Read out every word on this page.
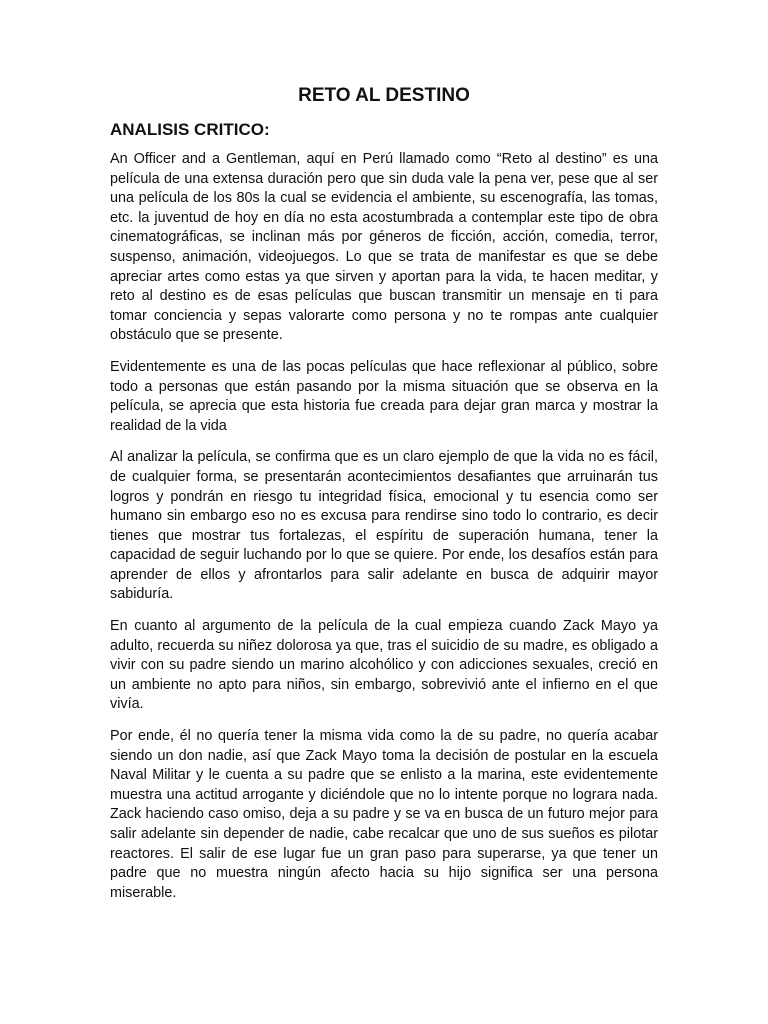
RETO AL DESTINO
ANALISIS CRITICO:

An Officer and a Gentleman, aquí en Perú llamado como “Reto al destino” es una película de una extensa duración pero que sin duda vale la pena ver, pese que al ser una película de los 80s la cual se evidencia el ambiente, su escenografía, las tomas, etc. la juventud de hoy en día no esta acostumbrada a contemplar este tipo de obra cinematográficas, se inclinan más por géneros de ficción, acción, comedia, terror, suspenso, animación, videojuegos. Lo que se trata de manifestar es que se debe apreciar artes como estas ya que sirven y aportan para la vida, te hacen meditar, y reto al destino es de esas películas que buscan transmitir un mensaje en ti para tomar conciencia y sepas valorarte como persona y no te rompas ante cualquier obstáculo que se presente.

Evidentemente es una de las pocas películas que hace reflexionar al público, sobre todo a personas que están pasando por la misma situación que se observa en la película, se aprecia que esta historia fue creada para dejar gran marca y mostrar la realidad de la vida

Al analizar la película, se confirma que es un claro ejemplo de que la vida no es fácil, de cualquier forma, se presentarán acontecimientos desafiantes que arruinarán tus logros y pondrán en riesgo tu integridad física, emocional y tu esencia como ser humano sin embargo eso no es excusa para rendirse sino todo lo contrario, es decir tienes que mostrar tus fortalezas, el espíritu de superación humana, tener la capacidad de seguir luchando por lo que se quiere. Por ende, los desafíos están para aprender de ellos y afrontarlos para salir adelante en busca de adquirir mayor sabiduría.

En cuanto al argumento de la película de la cual empieza cuando Zack Mayo ya adulto, recuerda su niñez dolorosa ya que, tras el suicidio de su madre, es obligado a vivir con su padre siendo un marino alcohólico y con adicciones sexuales, creció en un ambiente no apto para niños, sin embargo, sobrevivió ante el infierno en el que vivía.

Por ende, él no quería tener la misma vida como la de su padre, no quería acabar siendo un don nadie, así que Zack Mayo toma la decisión de postular en la escuela Naval Militar y le cuenta a su padre que se enlisto a la marina, este evidentemente muestra una actitud arrogante y diciéndole que no lo intente porque no lograra nada. Zack haciendo caso omiso, deja a su padre y se va en busca de un futuro mejor para salir adelante sin depender de nadie, cabe recalcar que uno de sus sueños es pilotar reactores. El salir de ese lugar fue un gran paso para superarse, ya que tener un padre que no muestra ningún afecto hacia su hijo significa ser una persona miserable.
